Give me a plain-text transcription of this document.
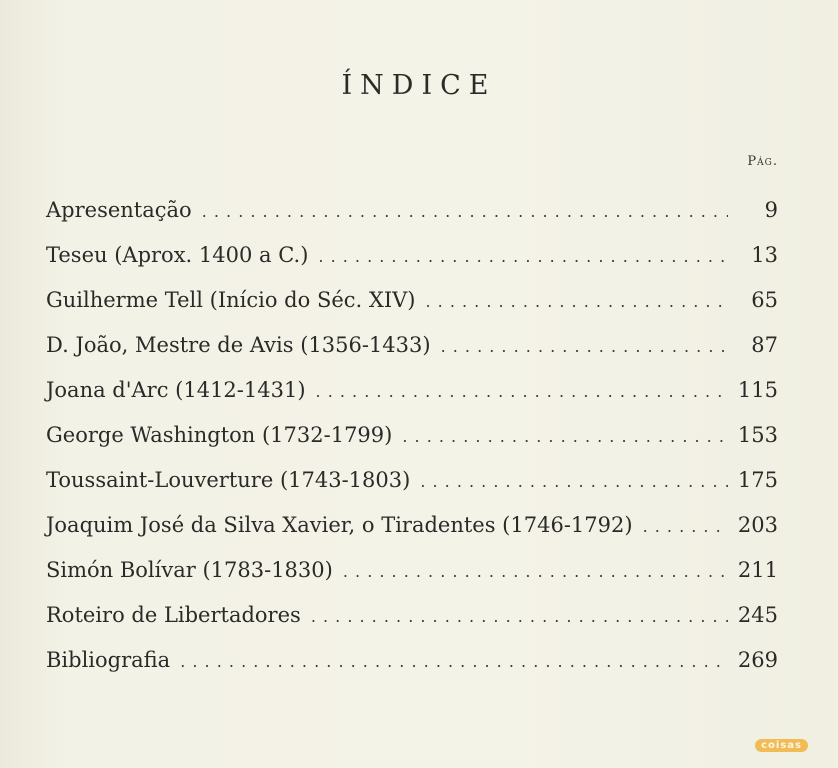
ÍNDICE
Pág.
Apresentação . . .	9
Teseu (Aprox. 1400 a C.) . . .	13
Guilherme Tell (Início do Séc. XIV) . . .	65
D. João, Mestre de Avis (1356-1433) . . .	87
Joana d'Arc (1412-1431) . . .	115
George Washington (1732-1799) . . .	153
Toussaint-Louverture (1743-1803) . . .	175
Joaquim José da Silva Xavier, o Tiradentes (1746-1792) . . .	203
Simón Bolívar (1783-1830) . . .	211
Roteiro de Libertadores . . .	245
Bibliografia . . .	269
coisas
